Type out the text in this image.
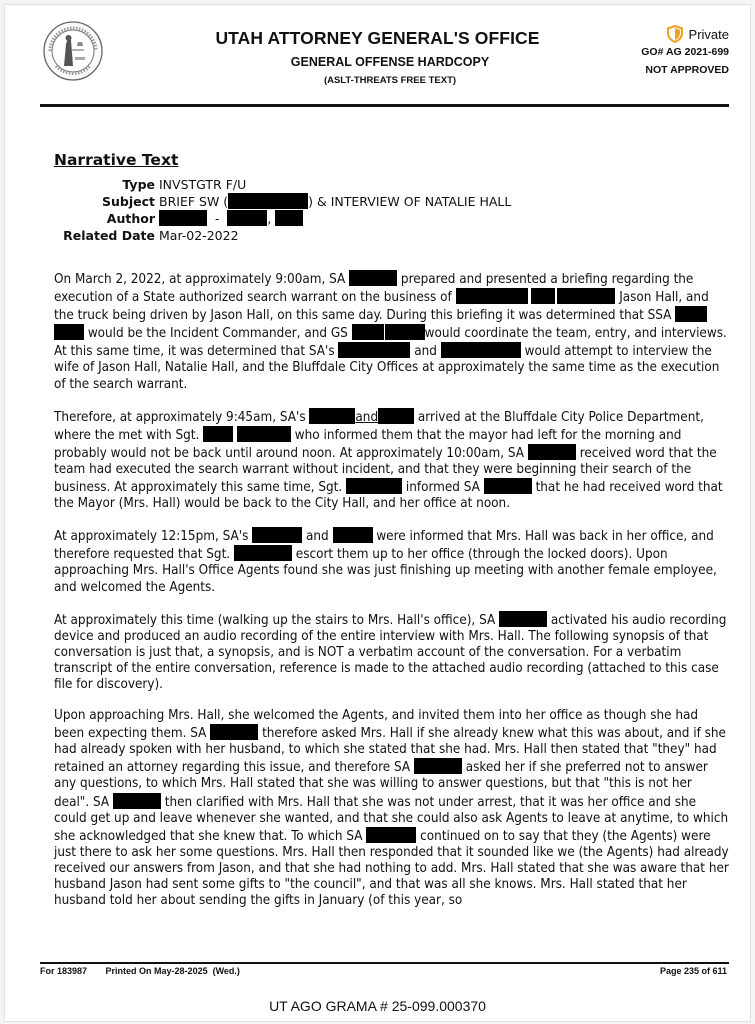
UTAH ATTORNEY GENERAL'S OFFICE
GENERAL OFFENSE HARDCOPY
(ASLT-THREATS FREE TEXT)
Private
GO# AG 2021-699
NOT APPROVED
Narrative Text
Type INVSTGTR F/U
Subject BRIEF SW (	) & INTERVIEW OF NATALIE HALL
Author	-	,
Related Date Mar-02-2022

On March 2, 2022, at approximately 9:00am, SA	prepared and presented a briefing regarding the execution of a State authorized search warrant on the business of	Jason Hall, and the truck being driven by Jason Hall, on this same day. During this briefing it was determined that SSA   would be the Incident Commander, and GS	would coordinate the team, entry, and interviews. At this same time, it was determined that SA's	and	would attempt to interview the wife of Jason Hall, Natalie Hall, and the Bluffdale City Offices at approximately the same time as the execution of the search warrant.

Therefore, at approximately 9:45am, SA's	and	arrived at the Bluffdale City Police Department, where the met with Sgt.	who informed them that the mayor had left for the morning and probably would not be back until around noon. At approximately 10:00am, SA	received word that the team had executed the search warrant without incident, and that they were beginning their search of the business. At approximately this same time, Sgt.	informed SA	that he had received word that the Mayor (Mrs. Hall) would be back to the City Hall, and her office at noon.

At approximately 12:15pm, SA's	and	were informed that Mrs. Hall was back in her office, and therefore requested that Sgt.	escort them up to her office (through the locked doors). Upon approaching Mrs. Hall's Office Agents found she was just finishing up meeting with another female employee, and welcomed the Agents.

At approximately this time (walking up the stairs to Mrs. Hall's office), SA	activated his audio recording device and produced an audio recording of the entire interview with Mrs. Hall. The following synopsis of that conversation is just that, a synopsis, and is NOT a verbatim account of the conversation. For a verbatim transcript of the entire conversation, reference is made to the attached audio recording (attached to this case file for discovery).

Upon approaching Mrs. Hall, she welcomed the Agents, and invited them into her office as though she had been expecting them. SA	therefore asked Mrs. Hall if she already knew what this was about, and if she had already spoken with her husband, to which she stated that she had. Mrs. Hall then stated that "they" had retained an attorney regarding this issue, and therefore SA	asked her if she preferred not to answer any questions, to which Mrs. Hall stated that she was willing to answer questions, but that "this is not her deal". SA	then clarified with Mrs. Hall that she was not under arrest, that it was her office and she could get up and leave whenever she wanted, and that she could also ask Agents to leave at anytime, to which she acknowledged that she knew that. To which SA	continued on to say that they (the Agents) were just there to ask her some questions. Mrs. Hall then responded that it sounded like we (the Agents) had already received our answers from Jason, and that she had nothing to add. Mrs. Hall stated that she was aware that her husband Jason had sent some gifts to "the council", and that was all she knows. Mrs. Hall stated that her husband told her about sending the gifts in January (of this year, so

For 183987 Printed On May-28-2025  (Wed.)	Page 235 of 611
UT AGO GRAMA # 25-099.000370
